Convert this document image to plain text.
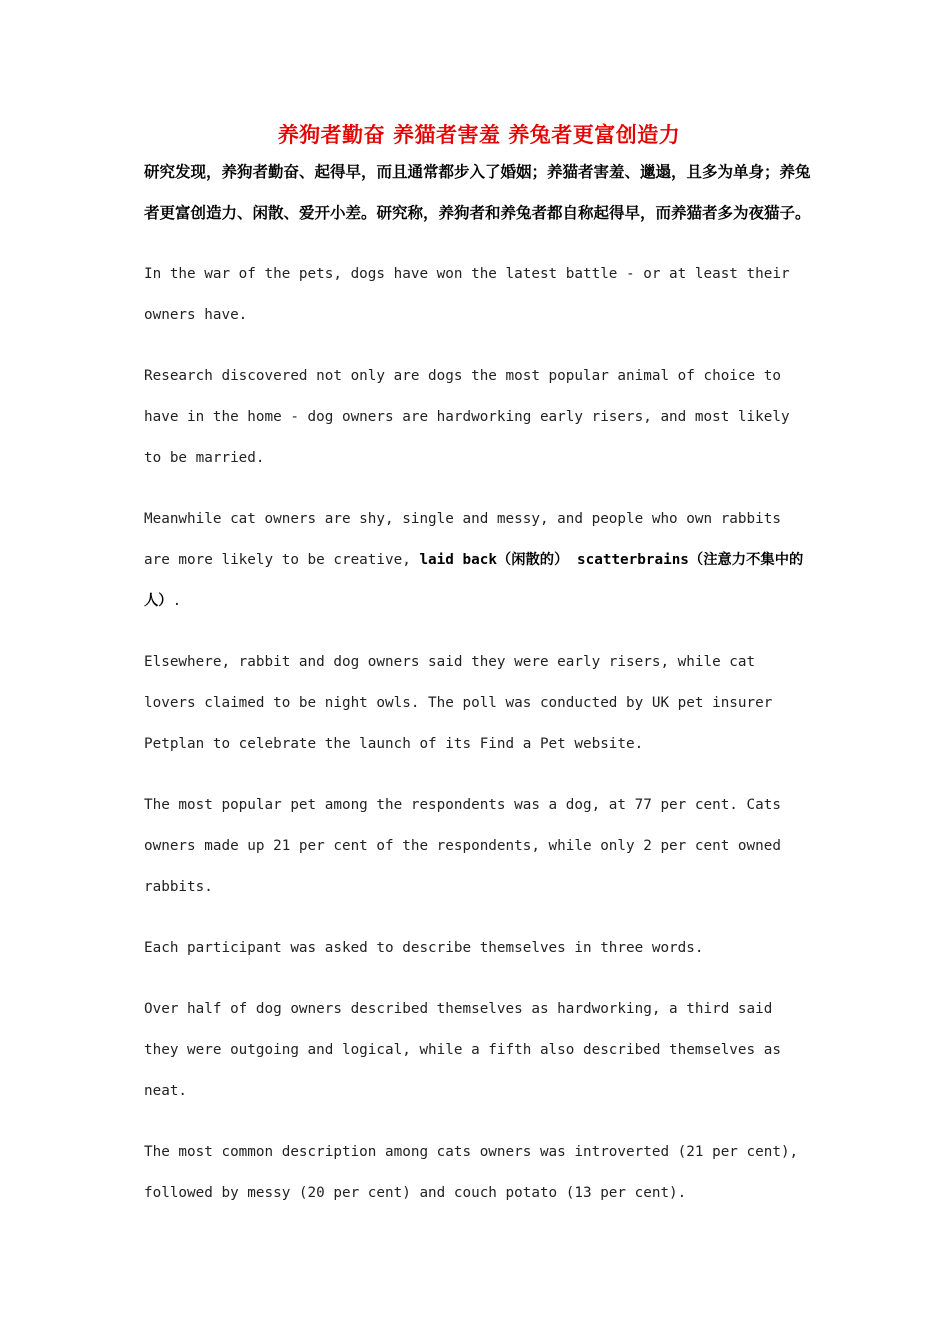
养狗者勤奋 养猫者害羞 养兔者更富创造力

研究发现，养狗者勤奋、起得早，而且通常都步入了婚姻；养猫者害羞、邋遢，且多为单身；养兔者更富创造力、闲散、爱开小差。研究称，养狗者和养兔者都自称起得早，而养猫者多为夜猫子。

In the war of the pets, dogs have won the latest battle - or at least their owners have.

Research discovered not only are dogs the most popular animal of choice to have in the home - dog owners are hardworking early risers, and most likely to be married.

Meanwhile cat owners are shy, single and messy, and people who own rabbits are more likely to be creative, laid back（闲散的） scatterbrains（注意力不集中的人）.

Elsewhere, rabbit and dog owners said they were early risers, while cat lovers claimed to be night owls. The poll was conducted by UK pet insurer Petplan to celebrate the launch of its Find a Pet website.

The most popular pet among the respondents was a dog, at 77 per cent. Cats owners made up 21 per cent of the respondents, while only 2 per cent owned rabbits.

Each participant was asked to describe themselves in three words.

Over half of dog owners described themselves as hardworking, a third said they were outgoing and logical, while a fifth also described themselves as neat.

The most common description among cats owners was introverted (21 per cent), followed by messy (20 per cent) and couch potato (13 per cent).
